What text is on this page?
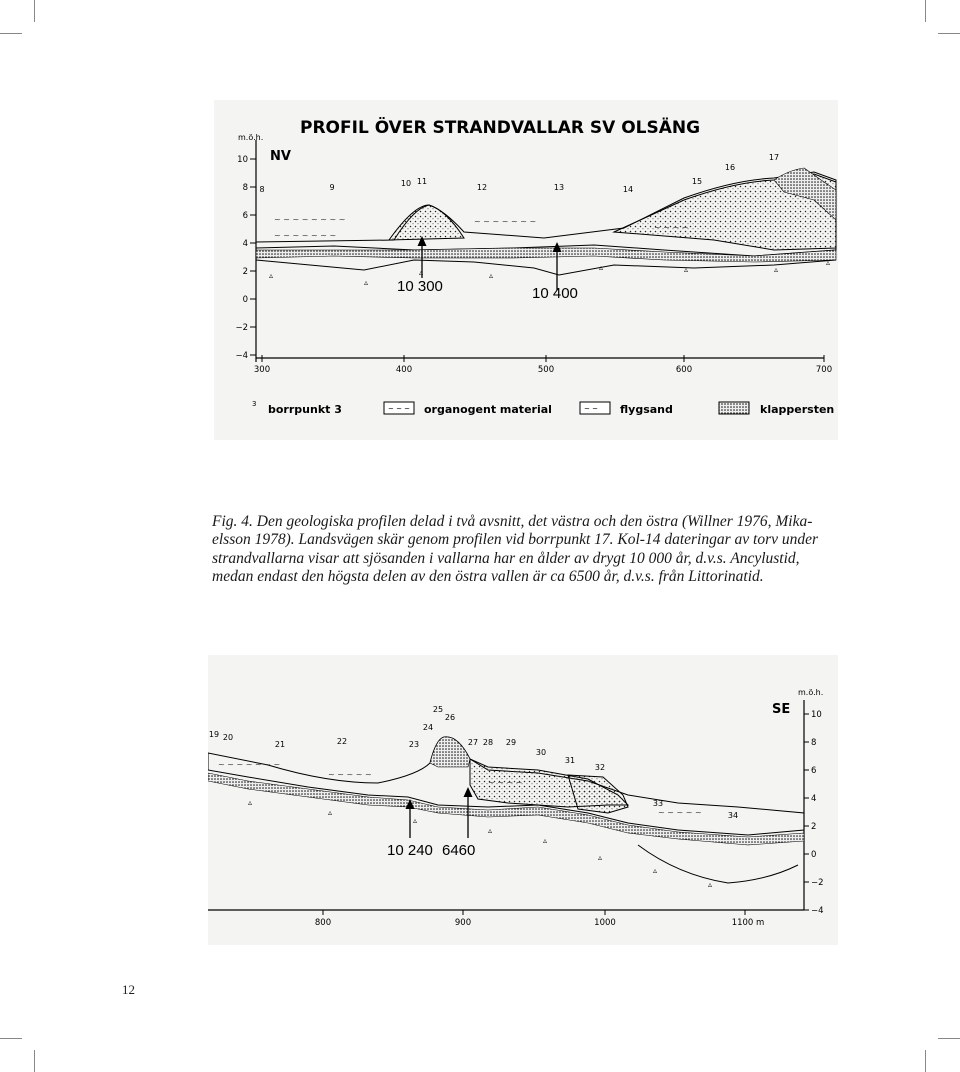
PROFIL ÖVER STRANDVALLAR SV OLSÄNG
m.ö.h.
NV
10
8
6
4
2
0
−2
−4
300	400	500	600	700
~ ~ ~ ~ ~ ~ ~ ~	~ ~ ~ ~ ~ ~ ~
~ ~ ~ ~
~ ~ ~ ~ ~ ~ ~
▵
▵
▵	▵
▵	▵	▵
▵
8	9	10 11
12	13	14
15
16
17
10 300	10 400
3 borrpunkt 3	~ ~ ~ organogent material	~ ~ flygsand	klappersten
Fig. 4. Den geologiska profilen delad i två avsnitt, det västra och den östra (Willner 1976, Mika-
elsson 1978). Landsvägen skär genom profilen vid borrpunkt 17. Kol-14 dateringar av torv under
strandvallarna visar att sjösanden i vallarna har en ålder av drygt 10 000 år, d.v.s. Ancylustid,
medan endast den högsta delen av den östra vallen är ca 6500 år, d.v.s. från Littorinatid.
m.ö.h.
SE 10
8
6
4
2
0
−2
−4
800	900	1000	1100 m
~ ~ ~ ~ ~ ~ ~
~ ~ ~ ~ ~
~ ~ ~ ~
~ ~ ~ ~ ~
▵
▵
▵
▵
▵
▵
▵
▵
19 20
21	22	23
24
25
26
27 28 29
30
31
32
33
34
10 240 6460
12
